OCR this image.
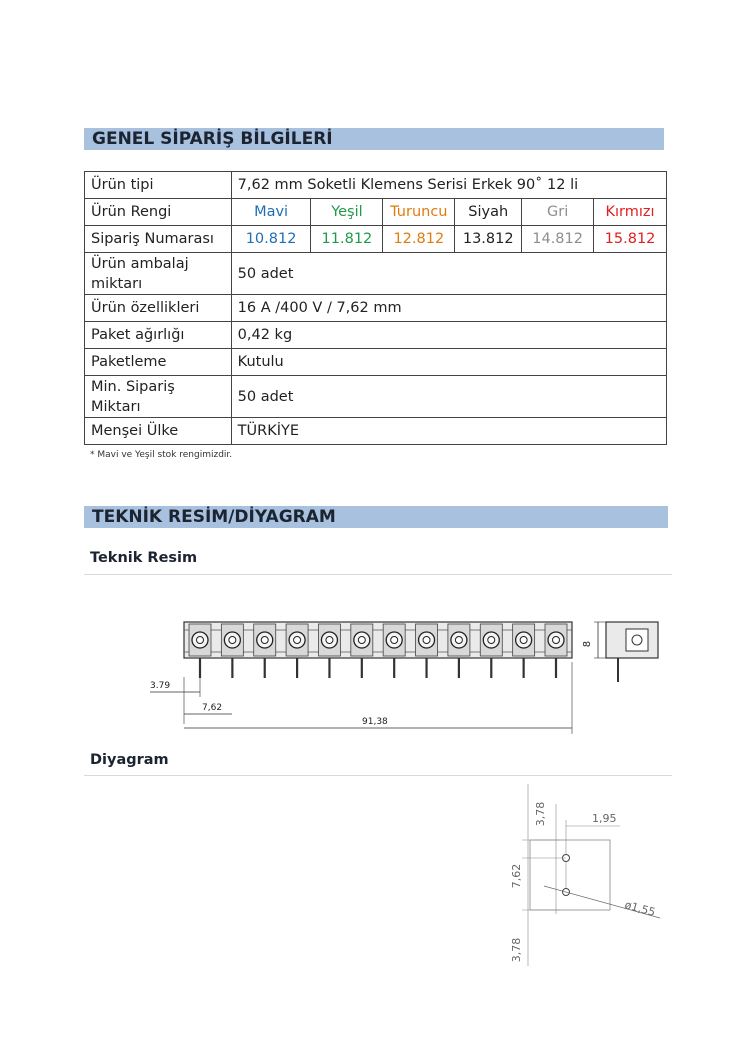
GENEL SİPARİŞ BİLGİLERİ
Ürün tipi	7,62 mm Soketli Klemens Serisi Erkek 90˚ 12 li					
Ürün Rengi	Mavi	Yeşil	Turuncu	Siyah	Gri	Kırmızı
Sipariş Numarası	10.812	11.812	12.812	13.812	14.812	15.812
Ürün ambalaj
miktarı	50 adet					
Ürün özellikleri	16 A /400 V / 7,62 mm					
Paket ağırlığı	0,42 kg					
Paketleme	Kutulu					
Min. Sipariş
Miktarı	50 adet					
Menşei Ülke	TÜRKİYE					
* Mavi ve Yeşil stok rengimizdir.
TEKNİK RESİM/DİYAGRAM
Teknik Resim
8
3.79
7,62
91,38
Diyagram
3,78
7,62
3,78
1,95
ø1,55
